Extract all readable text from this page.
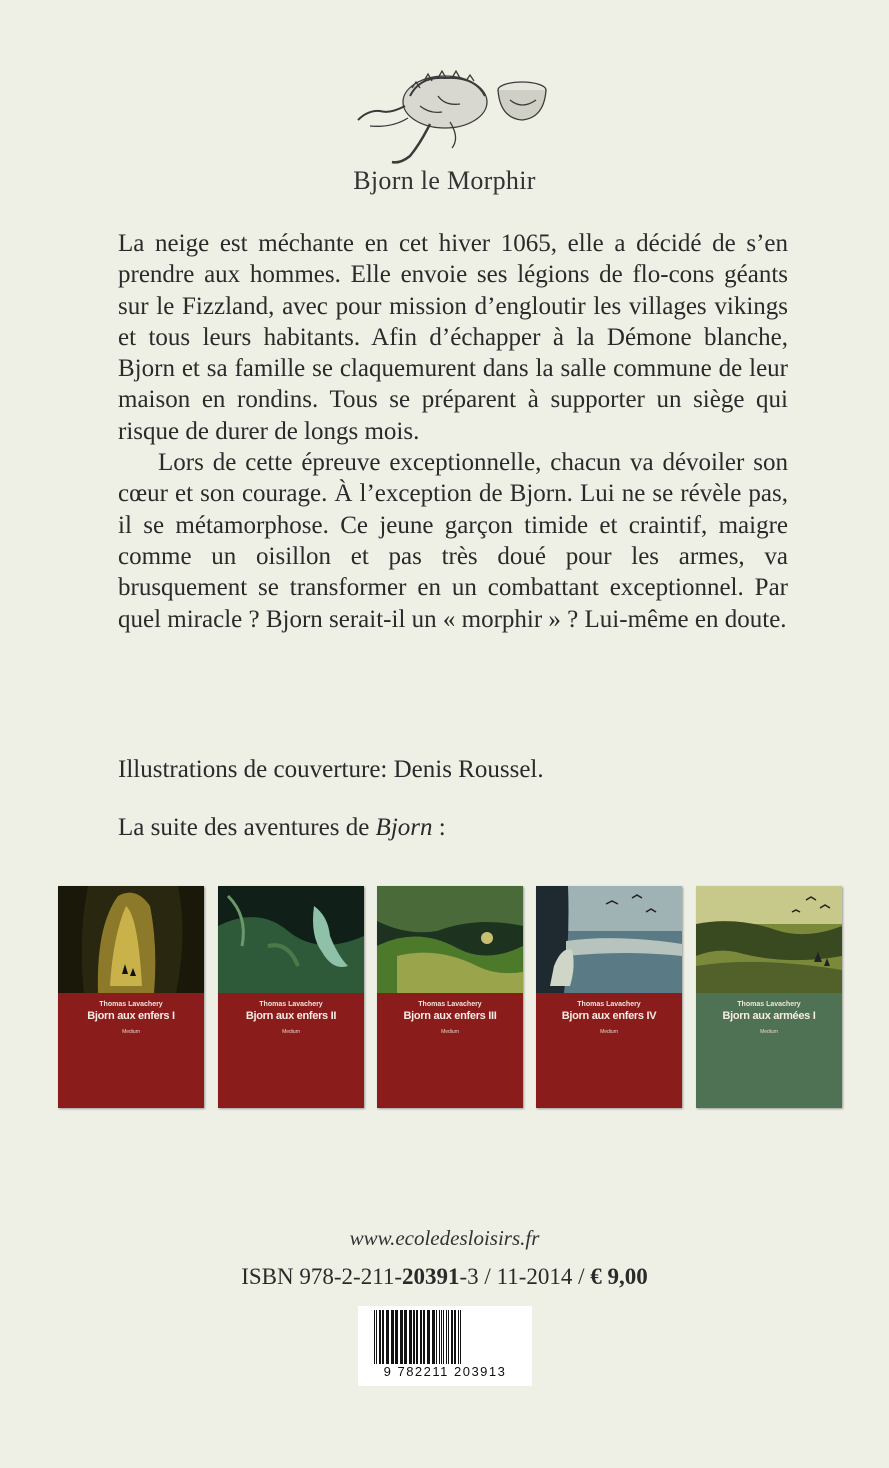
Bjorn le Morphir

La neige est méchante en cet hiver 1065, elle a décidé de s’en prendre aux hommes. Elle envoie ses légions de flo-cons géants sur le Fizzland, avec pour mission d’engloutir les villages vikings et tous leurs habitants. Afin d’échapper à la Démone blanche, Bjorn et sa famille se claquemurent dans la salle commune de leur maison en rondins. Tous se préparent à supporter un siège qui risque de durer de longs mois.

Lors de cette épreuve exceptionnelle, chacun va dévoiler son cœur et son courage. À l’exception de Bjorn. Lui ne se révèle pas, il se métamorphose. Ce jeune garçon timide et craintif, maigre comme un oisillon et pas très doué pour les armes, va brusquement se transformer en un combattant exceptionnel. Par quel miracle ? Bjorn serait-il un « morphir » ? Lui-même en doute.

Illustrations de couverture: Denis Roussel.
La suite des aventures de Bjorn :
Thomas Lavachery
Bjorn aux enfers I
Medium
Thomas Lavachery
Bjorn aux enfers II
Medium
Thomas Lavachery
Bjorn aux enfers III
Medium
Thomas Lavachery
Bjorn aux enfers IV
Medium
Thomas Lavachery
Bjorn aux armées I
Medium
www.ecoledesloisirs.fr
ISBN 978-2-211-20391-3 / 11-2014 / € 9,00
9 782211 203913
